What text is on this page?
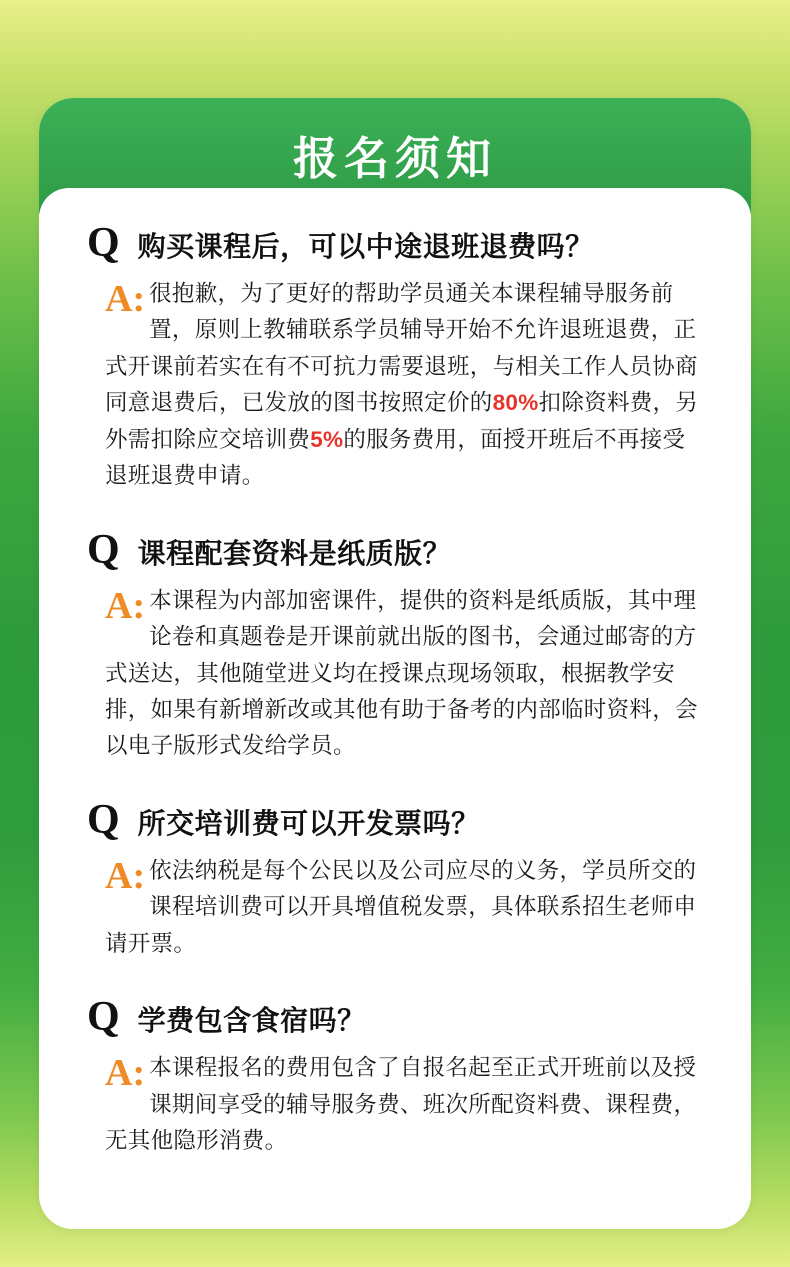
报名须知
Q 购买课程后，可以中途退班退费吗？
A: 很抱歉，为了更好的帮助学员通关本课程辅导服务前置，原则上教辅联系学员辅导开始不允许退班退费，正式开课前若实在有不可抗力需要退班，与相关工作人员协商同意退费后，已发放的图书按照定价的80%扣除资料费，另外需扣除应交培训费5%的服务费用，面授开班后不再接受退班退费申请。
Q 课程配套资料是纸质版？
A: 本课程为内部加密课件，提供的资料是纸质版，其中理论卷和真题卷是开课前就出版的图书，会通过邮寄的方式送达，其他随堂进义均在授课点现场领取，根据教学安排，如果有新增新改或其他有助于备考的内部临时资料，会以电子版形式发给学员。
Q 所交培训费可以开发票吗？
A: 依法纳税是每个公民以及公司应尽的义务，学员所交的课程培训费可以开具增值税发票，具体联系招生老师申请开票。
Q 学费包含食宿吗？
A: 本课程报名的费用包含了自报名起至正式开班前以及授课期间享受的辅导服务费、班次所配资料费、课程费，无其他隐形消费。
